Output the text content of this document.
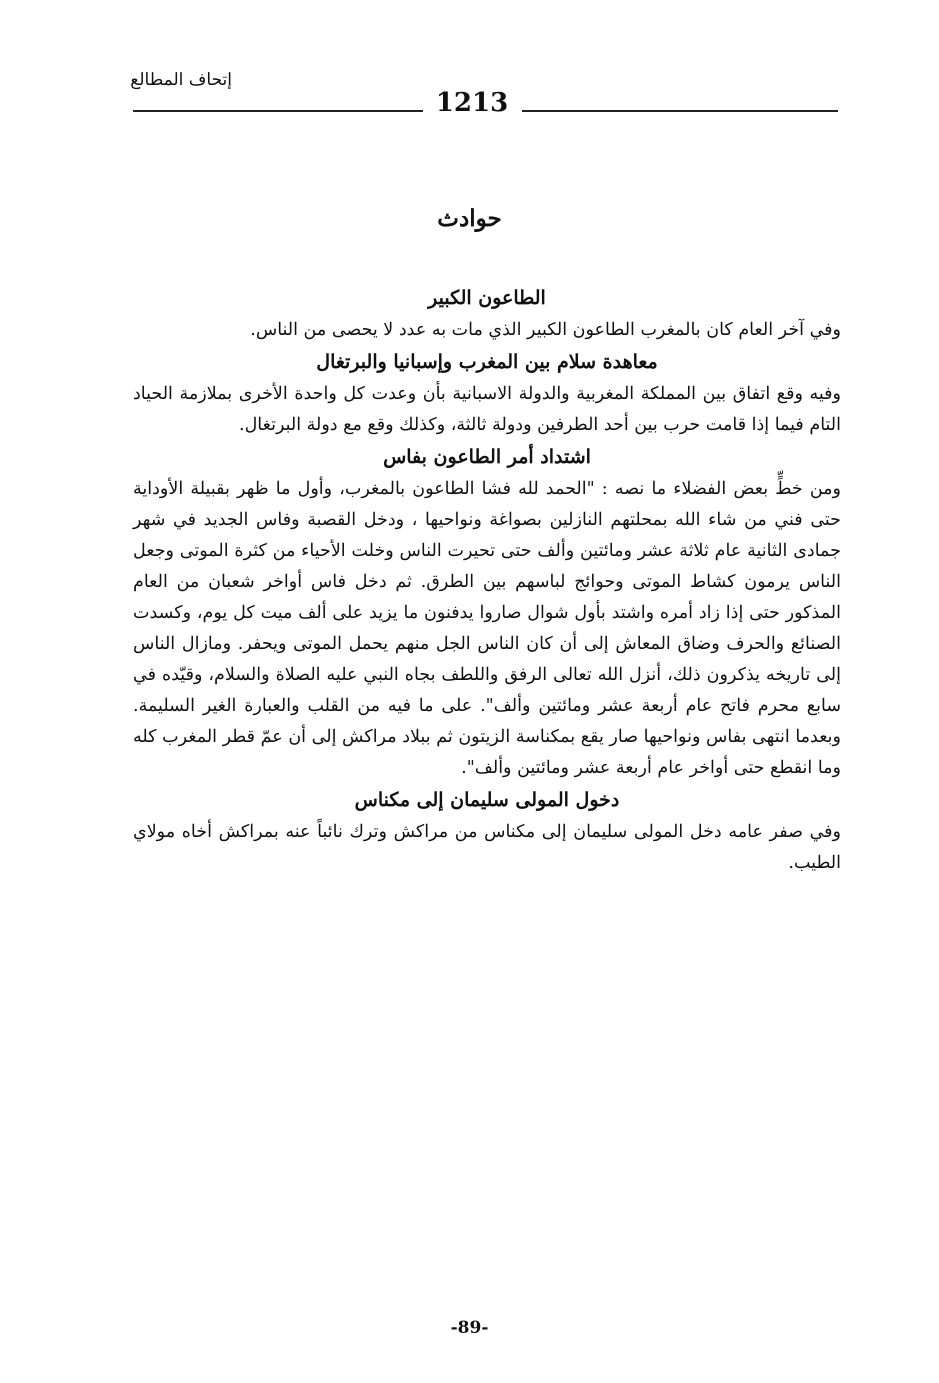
إتحاف المطالع
1213
حوادث
الطاعون الكبير

وفي آخر العام كان بالمغرب الطاعون الكبير الذي مات به عدد لا يحصى من الناس.

معاهدة سلام بين المغرب وإسبانيا والبرتغال

وفيه وقع اتفاق بين المملكة المغربية والدولة الاسبانية بأن وعدت كل واحدة الأخرى بملازمة الحياد التام فيما إذا قامت حرب بين أحد الطرفين ودولة ثالثة، وكذلك وقع مع دولة البرتغال.

اشتداد أمر الطاعون بفاس

ومن خطٍّ بعض الفضلاء ما نصه : "الحمد لله فشا الطاعون بالمغرب، وأول ما ظهر بقبيلة الأوداية حتى فني من شاء الله بمحلتهم النازلين بصواغة ونواحيها ، ودخل القصبة وفاس الجديد في شهر جمادى الثانية عام ثلاثة عشر ومائتين وألف حتى تحيرت الناس وخلت الأحياء من كثرة الموتى وجعل الناس يرمون كشاط الموتى وحوائج لباسهم بين الطرق. ثم دخل فاس أواخر شعبان من العام المذكور حتى إذا زاد أمره واشتد بأول شوال صاروا يدفنون ما يزيد على ألف ميت كل يوم، وكسدت الصنائع والحرف وضاق المعاش إلى أن كان الناس الجل منهم يحمل الموتى ويحفر. ومازال الناس إلى تاريخه يذكرون ذلك، أنزل الله تعالى الرفق واللطف بجاه النبي عليه الصلاة والسلام، وقيّده في سابع محرم فاتح عام أربعة عشر ومائتين وألف". على ما فيه من القلب والعبارة الغير السليمة. وبعدما انتهى بفاس ونواحيها صار يقع بمكناسة الزيتون ثم ببلاد مراكش إلى أن عمّ قطر المغرب كله وما انقطع حتى أواخر عام أربعة عشر ومائتين وألف".

دخول المولى سليمان إلى مكناس

وفي صفر عامه دخل المولى سليمان إلى مكناس من مراكش وترك نائباً عنه بمراكش أخاه مولاي الطيب.

-89-
